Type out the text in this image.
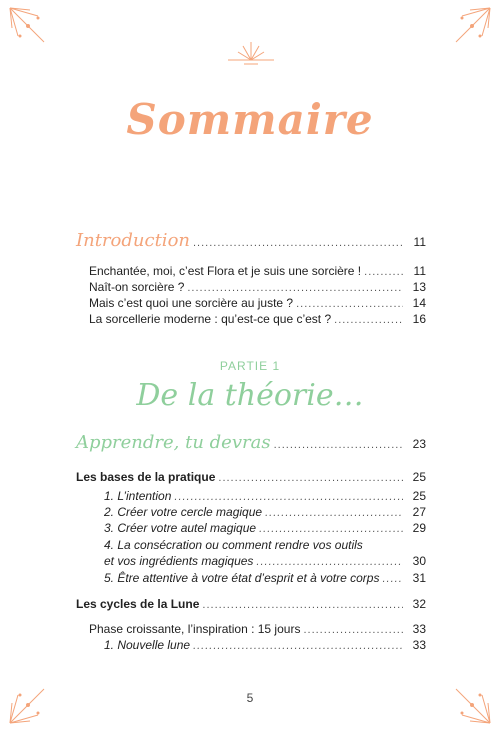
Sommaire
Introduction .....	11
Enchantée, moi, c’est Flora et je suis une sorcière ! .....	11
Naît-on sorcière ? .....	13
Mais c’est quoi une sorcière au juste ? .....	14
La sorcellerie moderne : qu’est-ce que c’est ? .....	16
PARTIE 1
De la théorie…
Apprendre, tu devras .....	23
Les bases de la pratique .....	25
1. L’intention .....	25
2. Créer votre cercle magique .....	27
3. Créer votre autel magique .....	29
4. La consécration ou comment rendre vos outils
et vos ingrédients magiques .....	30
5. Être attentive à votre état d’esprit et à votre corps .....	31
Les cycles de la Lune .....	32
Phase croissante, l’inspiration : 15 jours .....	33
1. Nouvelle lune .....	33
5
